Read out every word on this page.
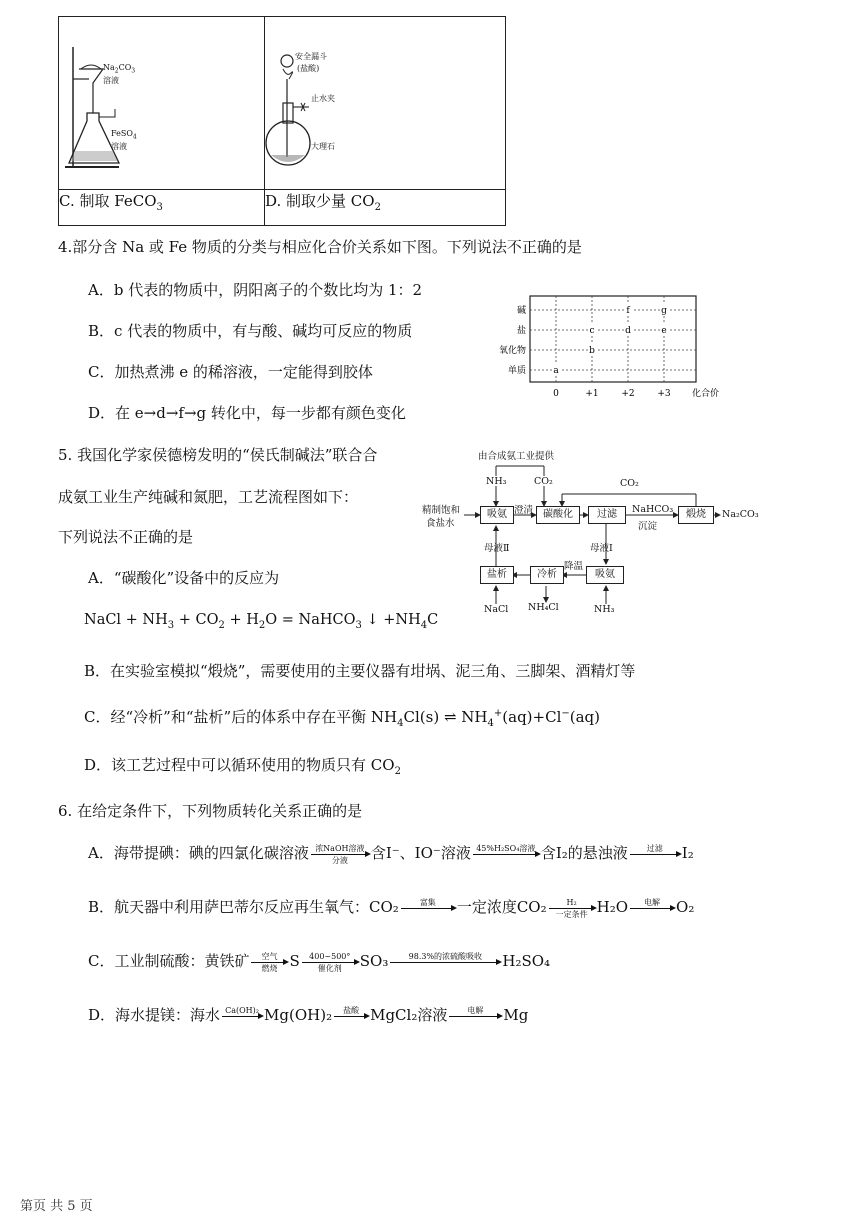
$Na_2CO_3$
溶液
FeSO$_4$
溶液	安全漏斗
(盐酸)
止水夹
大理石

C. 制取 FeCO$_3$	D. 制取少量 $CO_2$
4.部分含 Na 或 Fe 物质的分类与相应化合价关系如下图。下列说法不正确的是
A．b 代表的物质中，阴阳离子的个数比均为 1：2
B．c 代表的物质中，有与酸、碱均可反应的物质
C．加热煮沸 e 的稀溶液，一定能得到胶体
D．在 e→d→f→g 转化中，每一步都有颜色变化
0	+1	+2	+3 化合价
碱
盐
氧化物
单质
f	g
c	d	e
b
a
5. 我国化学家侯德榜发明的“侯氏制碱法”联合合
成氨工业生产纯碱和氮肥，工艺流程图如下：
下列说法不正确的是
A．“碳酸化”设备中的反应为
NaCl + $NH_3 + CO_2 + H_2O$ = NaHCO$_3$ ↓ $+NH_4C$
B．在实验室模拟“煅烧”，需要使用的主要仪器有坩埚、泥三角、三脚架、酒精灯等
C．经“冷析”和“盐析”后的体系中存在平衡 $NH_4Cl(s)$ ⇌ $NH_4^+(aq)+Cl^-(aq)$
D．该工艺过程中可以循环使用的物质只有 $CO_2$
由合成氨工业提供
NH₃	CO₂	CO₂
精制饱和
食盐水
吸氨 澄清 碳酸化	过滤	NaHCO₃
沉淀
煅烧	Na₂CO₃
母液Ⅱ	母液Ⅰ
盐析	冷析
降温
吸氨
NaCl NH₄Cl	NH₃
6. 在给定条件下，下列物质转化关系正确的是
A．海带提碘：碘的四氯化碳溶液 浓NaOH溶液
分液	含I⁻、IO⁻溶液 45%H₂SO₄溶液 含I₂的悬浊液	过滤	I₂
B．航天器中利用萨巴蒂尔反应再生氧气：CO₂	富集	一定浓度CO₂	H₂
一定条件 H₂O	电解	O₂
C．工业制硫酸：黄铁矿	空气
燃烧 S	400~500°
催化剂	SO₃	98.3%的浓硫酸吸收	H₂SO₄
D．海水提镁：海水 Ca(OH)₂ Mg(OH)₂	盐酸 MgCl₂溶液	电解	Mg
第页 共 5 页
